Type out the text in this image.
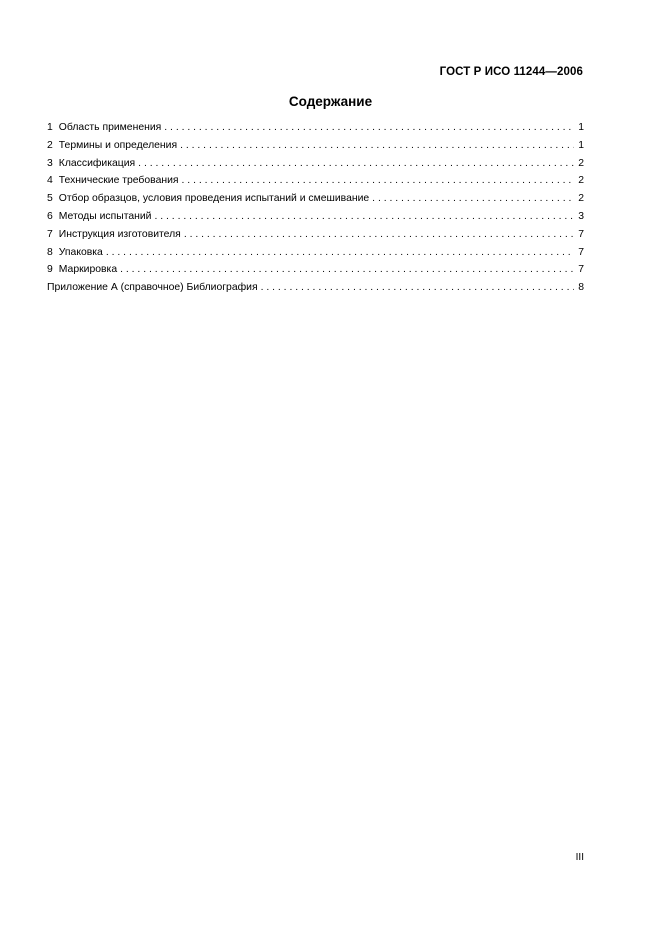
ГОСТ Р ИСО 11244—2006
Содержание
1 Область применения . . .	1
2 Термины и определения . . .	1
3 Классификация . . .	2
4 Технические требования . . .	2
5 Отбор образцов, условия проведения испытаний и смешивание . . .	2
6 Методы испытаний . . .	3
7 Инструкция изготовителя . . .	7
8 Упаковка . . .	7
9 Маркировка . . .	7
Приложение А (справочное) Библиография . . .	8
III
